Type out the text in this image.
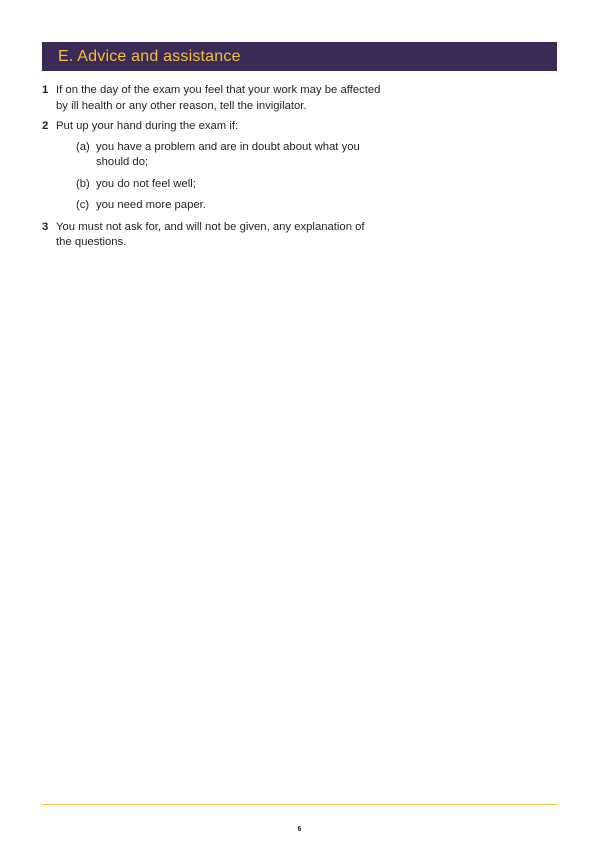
E. Advice and assistance
1 If on the day of the exam you feel that your work may be affected
by ill health or any other reason, tell the invigilator.
2 Put up your hand during the exam if:
(a) you have a problem and are in doubt about what you
should do;
(b) you do not feel well;
(c) you need more paper.
3 You must not ask for, and will not be given, any explanation of
the questions.
6
